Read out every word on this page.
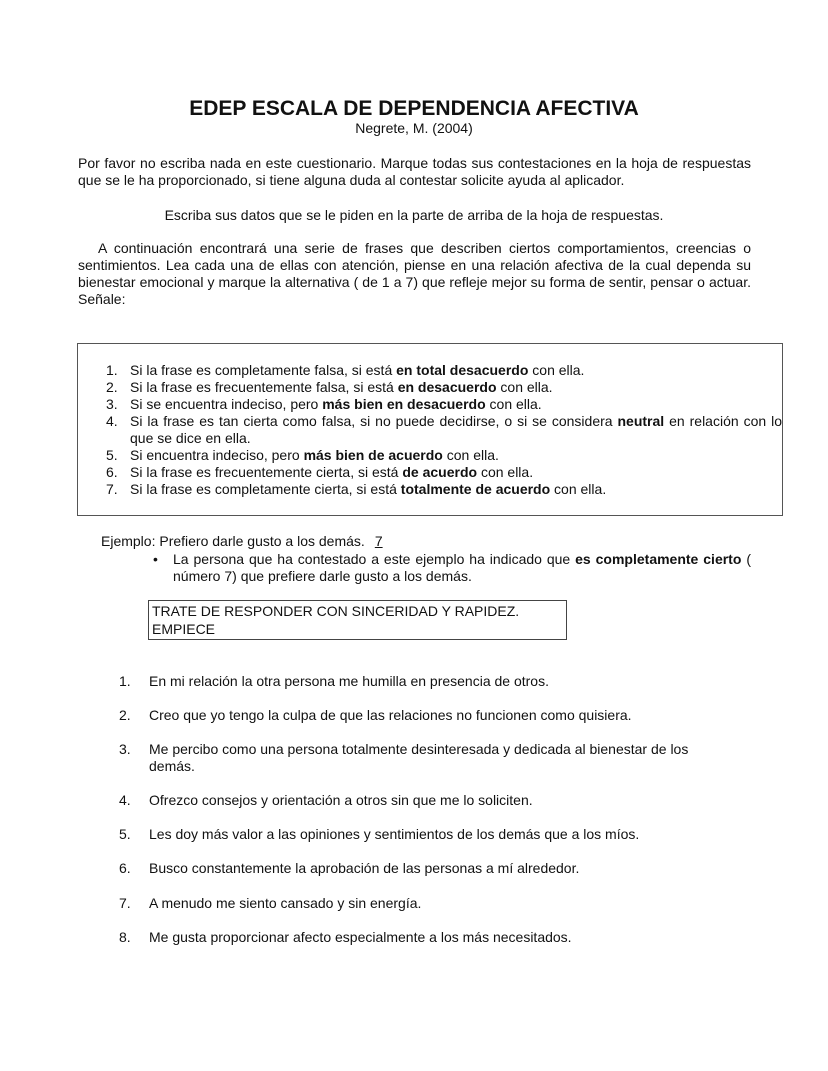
EDEP ESCALA DE DEPENDENCIA AFECTIVA
Negrete, M. (2004)
Por favor no escriba nada en este cuestionario. Marque todas sus contestaciones en la hoja de respuestas que se le ha proporcionado, si tiene alguna duda al contestar solicite ayuda al aplicador.
Escriba sus datos que se le piden en la parte de arriba de la hoja de respuestas.
A continuación encontrará una serie de frases que describen ciertos comportamientos, creencias o sentimientos. Lea cada una de ellas con atención, piense en una relación afectiva de la cual dependa su bienestar emocional y marque la alternativa ( de 1 a 7) que refleje mejor su forma de sentir, pensar o actuar. Señale:
1. Si la frase es completamente falsa, si está en total desacuerdo con ella.
2. Si la frase es frecuentemente falsa, si está en desacuerdo con ella.
3. Si se encuentra indeciso, pero más bien en desacuerdo con ella.
4. Si la frase es tan cierta como falsa, si no puede decidirse, o si se considera neutral en relación con lo que se dice en ella.
5. Si encuentra indeciso, pero más bien de acuerdo con ella.
6. Si la frase es frecuentemente cierta, si está de acuerdo con ella.
7. Si la frase es completamente cierta, si está totalmente de acuerdo con ella.
Ejemplo: Prefiero darle gusto a los demás. 7
• La persona que ha contestado a este ejemplo ha indicado que es completamente cierto ( número 7) que prefiere darle gusto a los demás.
TRATE DE RESPONDER CON SINCERIDAD Y RAPIDEZ.
EMPIECE
1. En mi relación la otra persona me humilla en presencia de otros.
2. Creo que yo tengo la culpa de que las relaciones no funcionen como quisiera.
3. Me percibo como una persona totalmente desinteresada y dedicada al bienestar de los demás.
4. Ofrezco consejos y orientación a otros sin que me lo soliciten.
5. Les doy más valor a las opiniones y sentimientos de los demás que a los míos.
6. Busco constantemente la aprobación de las personas a mí alrededor.
7. A menudo me siento cansado y sin energía.
8. Me gusta proporcionar afecto especialmente a los más necesitados.
